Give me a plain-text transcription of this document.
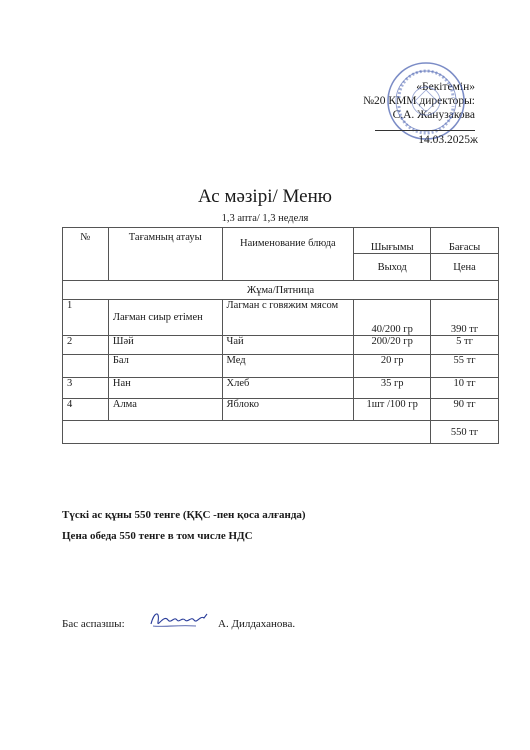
«Бекітемін»
№20 КММ директоры:
С.А. Жанузакова
14.03.2025ж
Ас мәзірі/ Меню
1,3 апта/ 1,3 неделя
№	Тағамның атауы	Наименование блюда	Шығымы	Бағасы
			Выход	Цена
Жұма/Пятница				
1	Лағман сиыр етімен	Лагман с говяжим мясом	40/200 гр	390 тг
2	Шәй	Чай	200/20 гр	5 тг
	Бал	Мед	20 гр	55 тг
3	Нан	Хлеб	35 гр	10 тг
4	Алма	Яблоко	1шт /100 гр	90 тг
				550 тг
Түскі ас құны 550 тенге (ҚҚС -пен қоса алғанда)
Цена обеда 550 тенге в том числе НДС
Бас аспазшы:	А. Дилдаханова.
